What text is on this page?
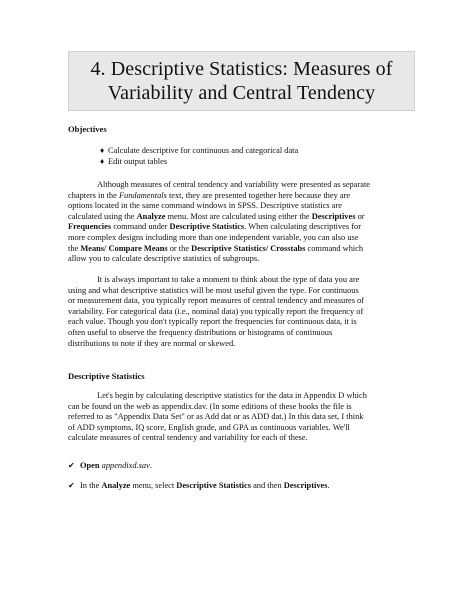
4. Descriptive Statistics: Measures of
Variability and Central Tendency
Objectives
♦ Calculate descriptive for continuous and categorical data
♦ Edit output tables
Although measures of central tendency and variability were presented as separate
chapters in the Fundamentals text, they are presented together here because they are
options located in the same command windows in SPSS. Descriptive statistics are
calculated using the Analyze menu. Most are calculated using either the Descriptives or
Frequencies command under Descriptive Statistics. When calculating descriptives for
more complex designs including more than one independent variable, you can also use
the Means/ Compare Means or the Descriptive Statistics/ Crosstabs command which
allow you to calculate descriptive statistics of subgroups.
It is always important to take a moment to think about the type of data you are
using and what descriptive statistics will be most useful given the type. For continuous
or measurement data, you typically report measures of central tendency and measures of
variability. For categorical data (i.e., nominal data) you typically report the frequency of
each value. Though you don't typically report the frequencies for continuous data, it is
often useful to observe the frequency distributions or histograms of continuous
distributions to note if they are normal or skewed.
Descriptive Statistics
Let's begin by calculating descriptive statistics for the data in Appendix D which
can be found on the web as appendix.dav. (In some editions of these books the file is
referred to as "Appendix Data Set" or as Add dat or as ADD dat.) In this data set, I think
of ADD symptoms, IQ score, English grade, and GPA as continuous variables. We'll
calculate measures of central tendency and variability for each of these.
✔ Open appendixd.sav.
✔ In the Analyze menu, select Descriptive Statistics and then Descriptives.
